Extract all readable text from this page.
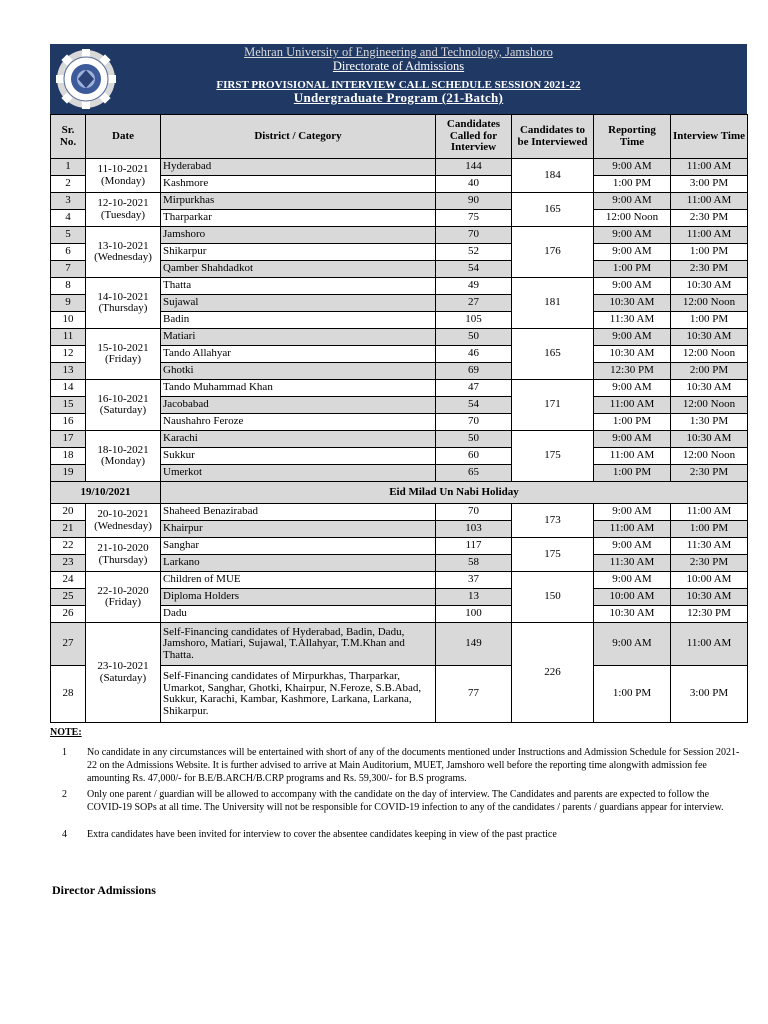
Mehran University of Engineering and Technology, Jamshoro
Directorate of Admissions
FIRST PROVISIONAL INTERVIEW CALL SCHEDULE SESSION 2021-22
Undergraduate Program (21-Batch)
Sr. No.	Date	District / Category	Candidates Called for Interview	Candidates to be Interviewed	Reporting Time	Interview Time
1	11-10-2021 (Monday)	Hyderabad	144	184	9:00 AM	11:00 AM
2		Kashmore	40		1:00 PM	3:00 PM
3	12-10-2021 (Tuesday)	Mirpurkhas	90	165	9:00 AM	11:00 AM
4		Tharparkar	75		12:00 Noon	2:30 PM
5	13-10-2021 (Wednesday)	Jamshoro	70	176	9:00 AM	11:00 AM
6		Shikarpur	52		9:00 AM	1:00 PM
7		Qamber Shahdadkot	54		1:00 PM	2:30 PM
8	14-10-2021 (Thursday)	Thatta	49	181	9:00 AM	10:30 AM
9		Sujawal	27		10:30 AM	12:00 Noon
10		Badin	105		11:30 AM	1:00 PM
11	15-10-2021 (Friday)	Matiari	50	165	9:00 AM	10:30 AM
12		Tando Allahyar	46		10:30 AM	12:00 Noon
13		Ghotki	69		12:30 PM	2:00 PM
14	16-10-2021 (Saturday)	Tando Muhammad Khan	47	171	9:00 AM	10:30 AM
15		Jacobabad	54		11:00 AM	12:00 Noon
16		Naushahro Feroze	70		1:00 PM	1:30 PM
17	18-10-2021 (Monday)	Karachi	50	175	9:00 AM	10:30 AM
18		Sukkur	60		11:00 AM	12:00 Noon
19		Umerkot	65		1:00 PM	2:30 PM
19/10/2021		Eid Milad Un Nabi Holiday				
20	20-10-2021 (Wednesday)	Shaheed Benazirabad	70	173	9:00 AM	11:00 AM
21		Khairpur	103		11:00 AM	1:00 PM
22	21-10-2020 (Thursday)	Sanghar	117	175	9:00 AM	11:30 AM
23		Larkano	58		11:30 AM	2:30 PM
24	22-10-2020 (Friday)	Children of MUE	37	150	9:00 AM	10:00 AM
25		Diploma Holders	13		10:00 AM	10:30 AM
26		Dadu	100		10:30 AM	12:30 PM
27	23-10-2021 (Saturday)	Self-Financing candidates of Hyderabad, Badin, Dadu, Jamshoro, Matiari, Sujawal, T.Allahyar, T.M.Khan and Thatta.	149	226	9:00 AM	11:00 AM
28		Self-Financing candidates of Mirpurkhas, Tharparkar, Umarkot, Sanghar, Ghotki, Khairpur, N.Feroze, S.B.Abad, Sukkur, Karachi, Kambar, Kashmore, Larkana, Larkana, Shikarpur.	77		1:00 PM	3:00 PM
NOTE:
1 No candidate in any circumstances will be entertained with short of any of the documents mentioned under Instructions and Admission Schedule for Session 2021-22 on the Admissions Website. It is further advised to arrive at Main Auditorium, MUET, Jamshoro well before the reporting time alongwith admission fee amounting Rs. 47,000/- for B.E/B.ARCH/B.CRP programs and Rs. 59,300/- for B.S programs.
2 Only one parent / guardian will be allowed to accompany with the candidate on the day of interview. The Candidates and parents are expected to follow the COVID-19 SOPs at all time. The University will not be responsible for COVID-19 infection to any of the candidates / parents / guardians appear for interview.
4 Extra candidates have been invited for interview to cover the absentee candidates keeping in view of the past practice
Director Admissions
